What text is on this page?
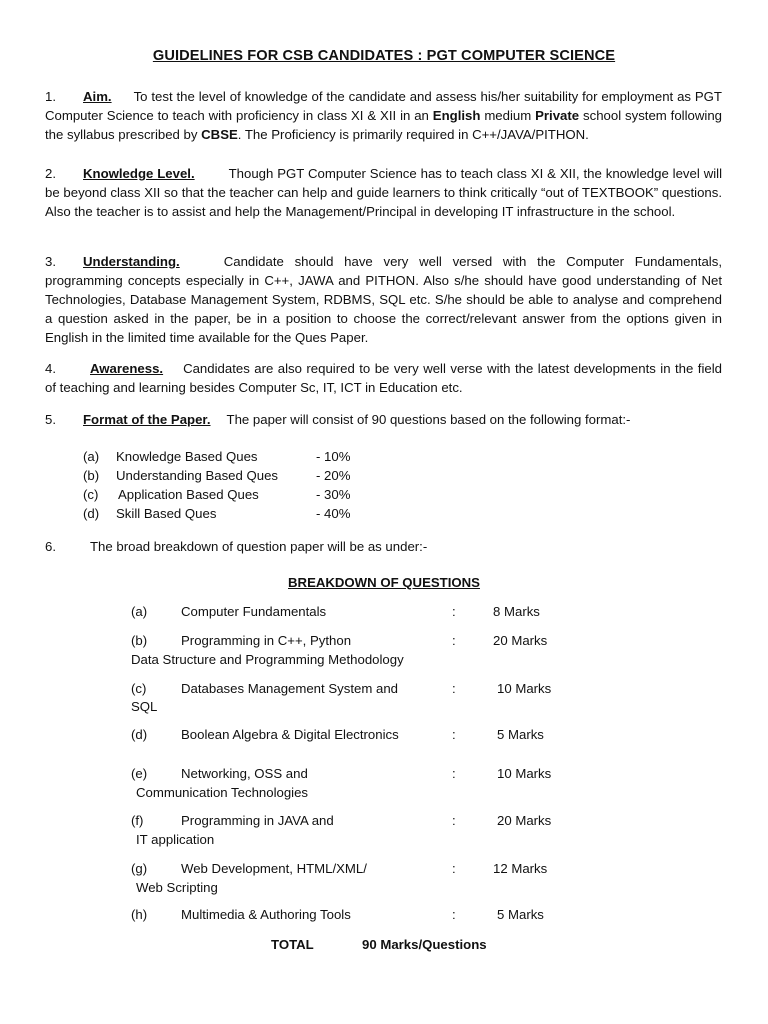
GUIDELINES FOR CSB CANDIDATES : PGT COMPUTER SCIENCE
1. Aim. To test the level of knowledge of the candidate and assess his/her suitability for employment as PGT Computer Science to teach with proficiency in class XI & XII in an English medium Private school system following the syllabus prescribed by CBSE. The Proficiency is primarily required in C++/JAVA/PITHON.
2. Knowledge Level.	Though PGT Computer Science has to teach class XI & XII, the knowledge level will be beyond class XII so that the teacher can help and guide learners to think critically “out of TEXTBOOK” questions. Also the teacher is to assist and help the Management/Principal in developing IT infrastructure in the school.
3. Understanding.	Candidate should have very well versed with the Computer Fundamentals, programming concepts especially in C++, JAWA and PITHON. Also s/he should have good understanding of Net Technologies, Database Management System, RDBMS, SQL etc. S/he should be able to analyse and comprehend a question asked in the paper, be in a position to choose the correct/relevant answer from the options given in English in the limited time available for the Ques Paper.
4.	Awareness. Candidates are also required to be very well verse with the latest developments in the field of teaching and learning besides Computer Sc, IT, ICT in Education etc.
5. Format of the Paper. The paper will consist of 90 questions based on the following format:-
(a) Knowledge Based Ques	- 10%
(b) Understanding Based Ques	- 20%
(c) Application Based Ques	- 30%
(d) Skill Based Ques	- 40%
6.	The broad breakdown of question paper will be as under:-
BREAKDOWN OF QUESTIONS
(a)	Computer Fundamentals	:	8 Marks
(b)	Programming in C++, Python	:	20 Marks
Data Structure and Programming Methodology
(c)	Databases Management System and	:	10 Marks
SQL
(d)	Boolean Algebra & Digital Electronics	:	5 Marks
(e)	Networking, OSS and	:	10 Marks
Communication Technologies
(f)	Programming in JAVA and	:	20 Marks
IT application
(g)	Web Development, HTML/XML/	:	12 Marks
Web Scripting
(h)	Multimedia & Authoring Tools	:	5 Marks
TOTAL	90 Marks/Questions
